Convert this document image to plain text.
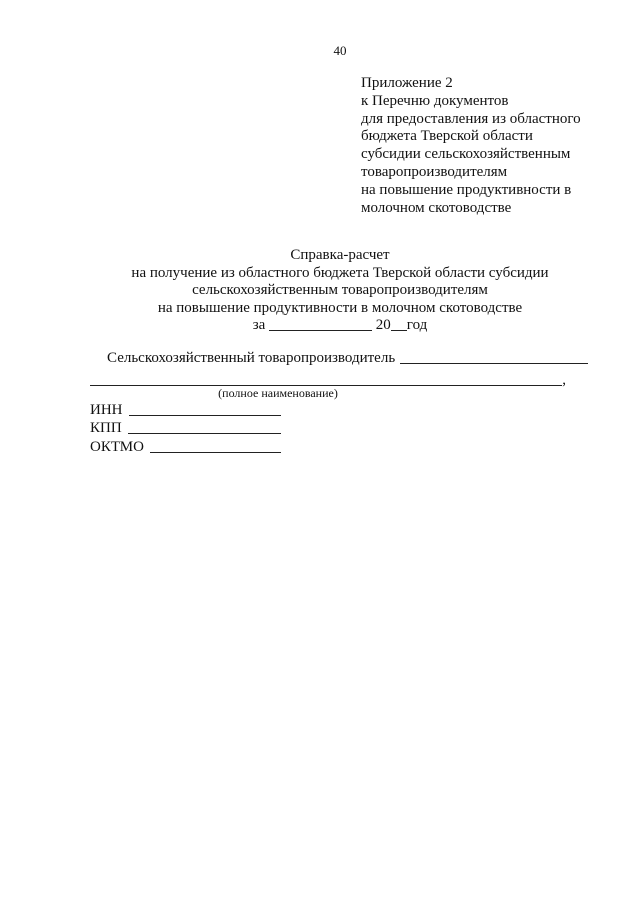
40
Приложение 2
к Перечню документов
для предоставления из областного
бюджета Тверской области
субсидии сельскохозяйственным
товаропроизводителям
на повышение продуктивности в
молочном скотоводстве
Справка-расчет
на получение из областного бюджета Тверской области субсидии
сельскохозяйственным товаропроизводителям
на повышение продуктивности в молочном скотоводстве
за	20 год
Сельскохозяйственный товаропроизводитель
,
(полное наименование)
ИНН
КПП
ОКТМО
